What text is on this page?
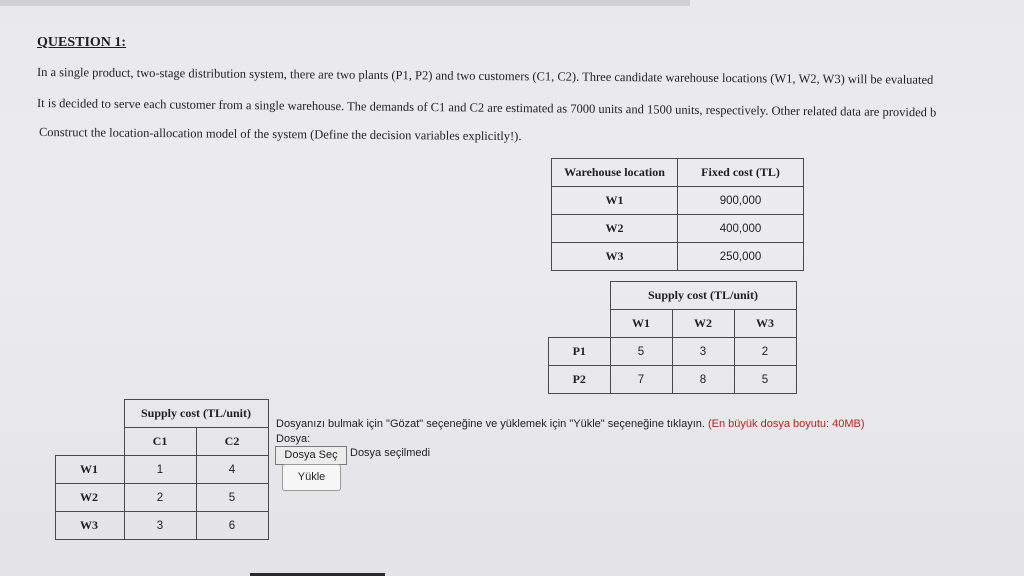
QUESTION 1:
In a single product, two-stage distribution system, there are two plants (P1, P2) and two customers (C1, C2). Three candidate warehouse locations (W1, W2, W3) will be evaluated
It is decided to serve each customer from a single warehouse. The demands of C1 and C2 are estimated as 7000 units and 1500 units, respectively. Other related data are provided b
Construct the location-allocation model of the system (Define the decision variables explicitly!).
Warehouse location	Fixed cost (TL)
W1	900,000
W2	400,000
W3	250,000
	Supply cost (TL/unit)		
	W1	W2	W3
P1	5	3	2
P2	7	8	5
	Supply cost (TL/unit)	
	C1	C2
W1	1	4
W2	2	5
W3	3	6
Dosyanızı bulmak için "Gözat" seçeneğine ve yüklemek için "Yükle" seçeneğine tıklayın. (En büyük dosya boyutu: 40MB)
Dosya:
Dosya Seç	Dosya seçilmedi
Yükle
